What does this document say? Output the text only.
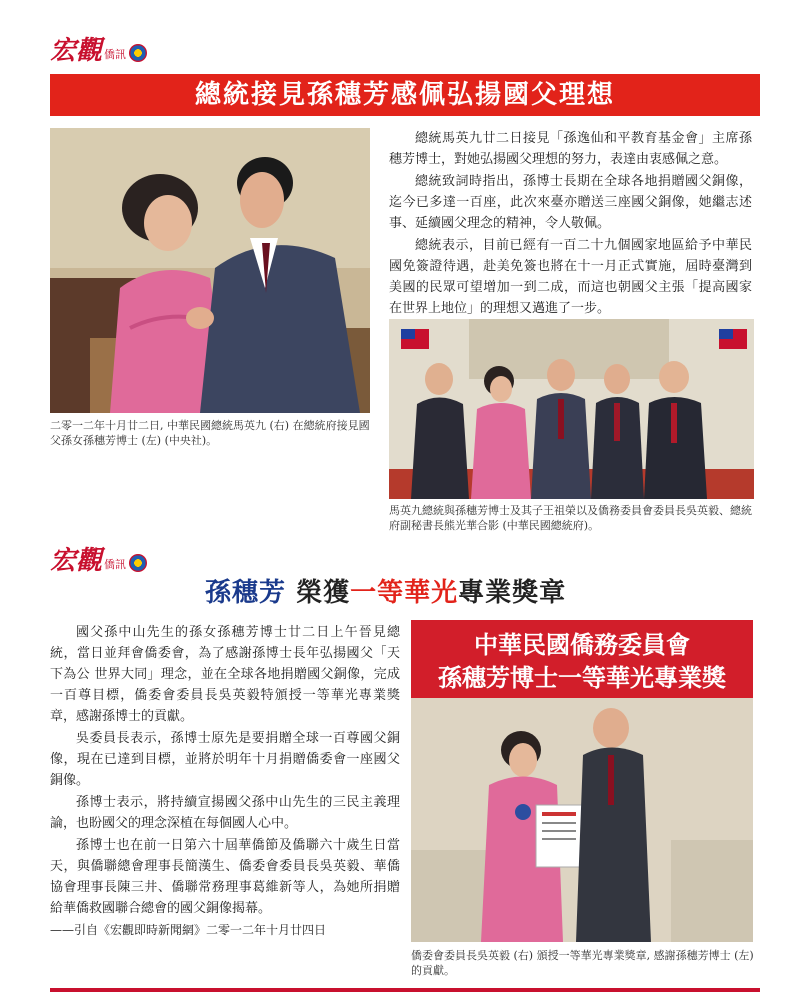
宏觀 僑訊
總統接見孫穗芳感佩弘揚國父理想
二零一二年十月廿二日, 中華民國總統馬英九 (右) 在總統府接見國父孫女孫穗芳博士 (左) (中央社)。

總統馬英九廿二日接見「孫逸仙和平教育基金會」主席孫穗芳博士，對她弘揚國父理想的努力，表達由衷感佩之意。

總統致詞時指出，孫博士長期在全球各地捐贈國父銅像，迄今已多達一百座，此次來臺亦贈送三座國父銅像，她繼志述事、延續國父理念的精神，令人敬佩。

總統表示，目前已經有一百二十九個國家地區給予中華民國免簽證待遇，赴美免簽也將在十一月正式實施，屆時臺灣到美國的民眾可望增加一到二成，而這也朝國父主張「提高國家在世界上地位」的理想又邁進了一步。

馬英九總統與孫穗芳博士及其子王祖榮以及僑務委員會委員長吳英毅、總統府副秘書長熊光華合影 (中華民國總統府)。
宏觀 僑訊
孫穗芳 榮獲一等華光專業獎章

國父孫中山先生的孫女孫穗芳博士廿二日上午晉見總統，當日並拜會僑委會，為了感謝孫博士長年弘揚國父「天下為公 世界大同」理念，並在全球各地捐贈國父銅像，完成一百尊目標，僑委會委員長吳英毅特頒授一等華光專業獎章，感謝孫博士的貢獻。

吳委員長表示，孫博士原先是要捐贈全球一百尊國父銅像，現在已達到目標，並將於明年十月捐贈僑委會一座國父銅像。

孫博士表示，將持續宣揚國父孫中山先生的三民主義理論，也盼國父的理念深植在每個國人心中。

孫博士也在前一日第六十屆華僑節及僑聯六十歲生日當天，與僑聯總會理事長簡漢生、僑委會委員長吳英毅、華僑協會理事長陳三井、僑聯常務理事葛維新等人，為她所捐贈給華僑救國聯合總會的國父銅像揭幕。

——引自《宏觀即時新聞網》二零一二年十月廿四日
中華民國僑務委員會
孫穗芳博士一等華光專業獎
僑委會委員長吳英毅 (右) 頒授一等華光專業獎章, 感謝孫穗芳博士 (左) 的貢獻。
